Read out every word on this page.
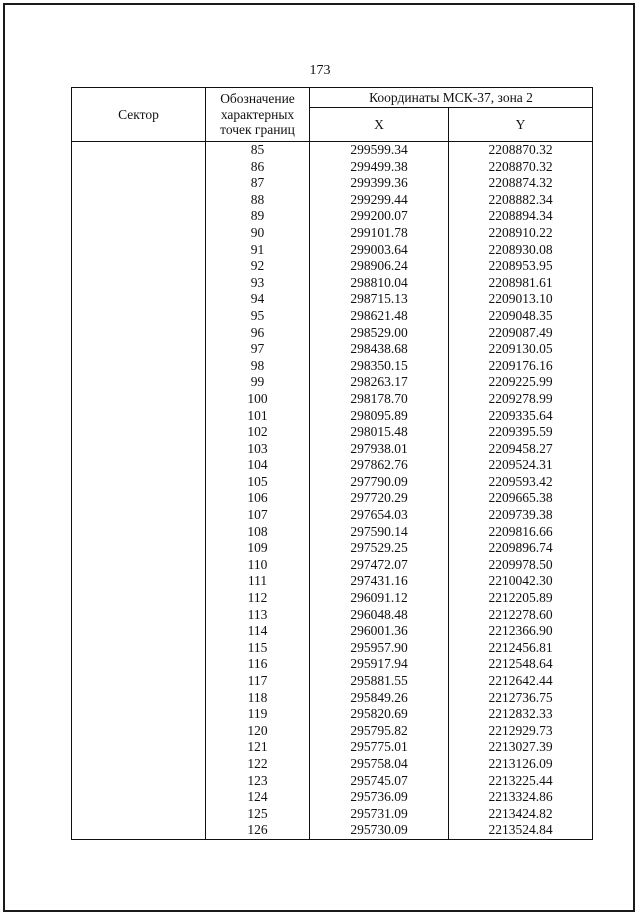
173
Сектор	Обозначение характерных точек границ	Координаты МСК-37, зона 2	
		X	Y
	85	299599.34	2208870.32
	86	299499.38	2208870.32
	87	299399.36	2208874.32
	88	299299.44	2208882.34
	89	299200.07	2208894.34
	90	299101.78	2208910.22
	91	299003.64	2208930.08
	92	298906.24	2208953.95
	93	298810.04	2208981.61
	94	298715.13	2209013.10
	95	298621.48	2209048.35
	96	298529.00	2209087.49
	97	298438.68	2209130.05
	98	298350.15	2209176.16
	99	298263.17	2209225.99
	100	298178.70	2209278.99
	101	298095.89	2209335.64
	102	298015.48	2209395.59
	103	297938.01	2209458.27
	104	297862.76	2209524.31
	105	297790.09	2209593.42
	106	297720.29	2209665.38
	107	297654.03	2209739.38
	108	297590.14	2209816.66
	109	297529.25	2209896.74
	110	297472.07	2209978.50
	111	297431.16	2210042.30
	112	296091.12	2212205.89
	113	296048.48	2212278.60
	114	296001.36	2212366.90
	115	295957.90	2212456.81
	116	295917.94	2212548.64
	117	295881.55	2212642.44
	118	295849.26	2212736.75
	119	295820.69	2212832.33
	120	295795.82	2212929.73
	121	295775.01	2213027.39
	122	295758.04	2213126.09
	123	295745.07	2213225.44
	124	295736.09	2213324.86
	125	295731.09	2213424.82
	126	295730.09	2213524.84
